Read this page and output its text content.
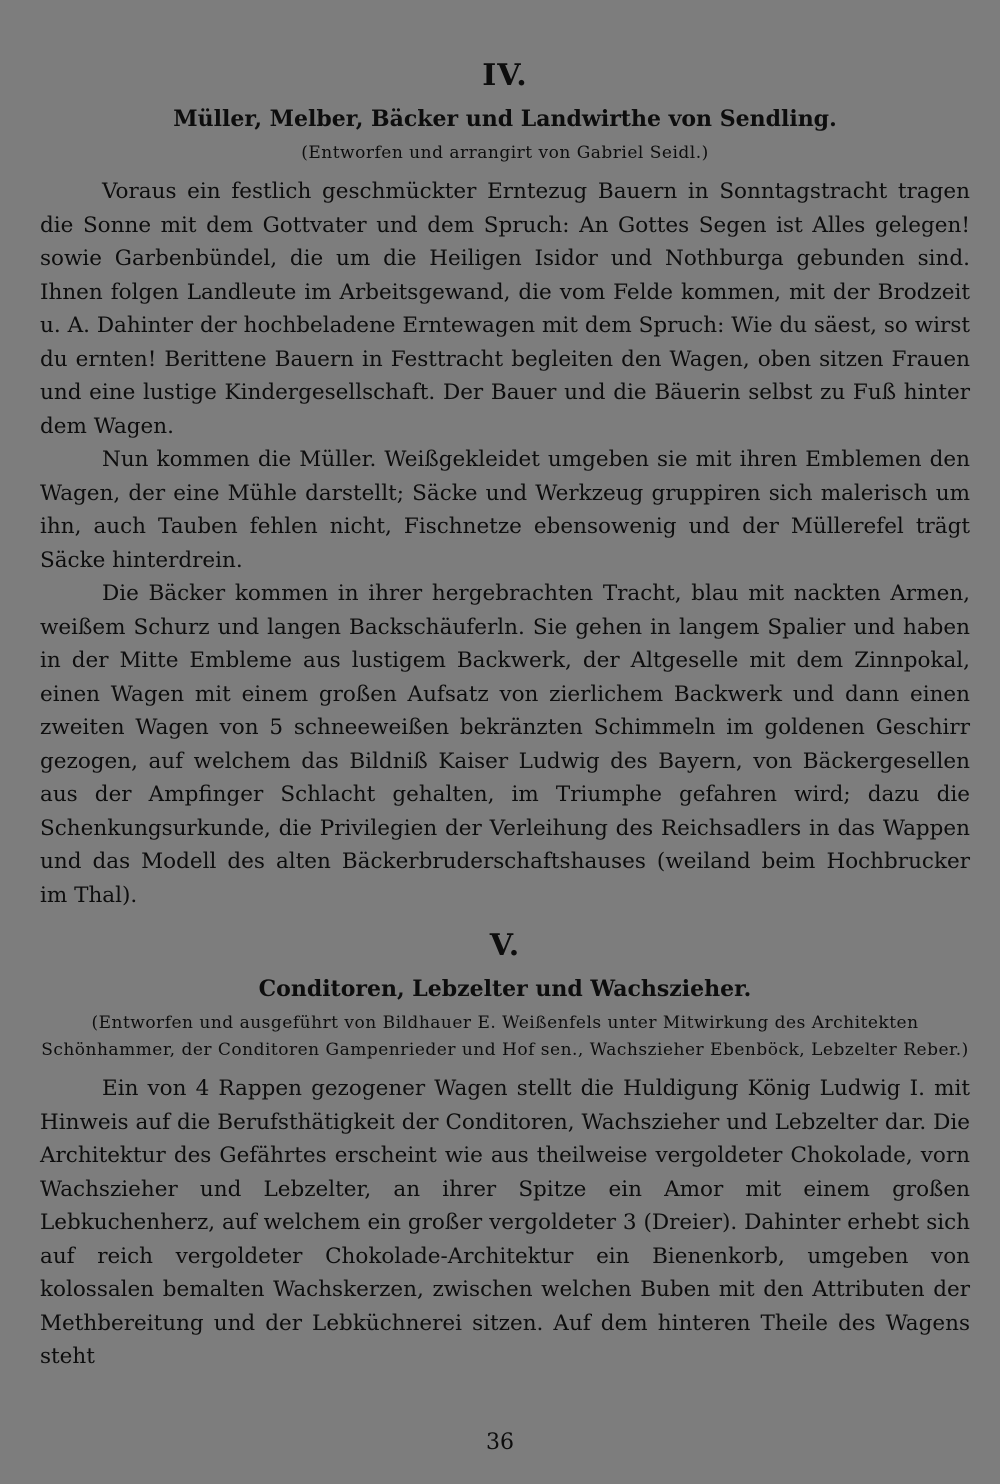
IV.
Müller, Melber, Bäcker und Landwirthe von Sendling.
(Entworfen und arrangirt von Gabriel Seidl.)

Voraus ein festlich geschmückter Erntezug Bauern in Sonntagstracht tragen die Sonne mit dem Gottvater und dem Spruch: An Gottes Segen ist Alles gelegen! sowie Garbenbündel, die um die Heiligen Isidor und Nothburga gebunden sind. Ihnen folgen Landleute im Arbeitsgewand, die vom Felde kommen, mit der Brodzeit u. A. Dahinter der hochbeladene Erntewagen mit dem Spruch: Wie du säest, so wirst du ernten! Berittene Bauern in Festtracht begleiten den Wagen, oben sitzen Frauen und eine lustige Kindergesellschaft. Der Bauer und die Bäuerin selbst zu Fuß hinter dem Wagen.

Nun kommen die Müller. Weißgekleidet umgeben sie mit ihren Emblemen den Wagen, der eine Mühle darstellt; Säcke und Werkzeug gruppiren sich malerisch um ihn, auch Tauben fehlen nicht, Fischnetze ebensowenig und der Müllerefel trägt Säcke hinterdrein.

Die Bäcker kommen in ihrer hergebrachten Tracht, blau mit nackten Armen, weißem Schurz und langen Backschäuferln. Sie gehen in langem Spalier und haben in der Mitte Embleme aus lustigem Backwerk, der Altgeselle mit dem Zinnpokal, einen Wagen mit einem großen Aufsatz von zierlichem Backwerk und dann einen zweiten Wagen von 5 schneeweißen bekränzten Schimmeln im goldenen Geschirr gezogen, auf welchem das Bildniß Kaiser Ludwig des Bayern, von Bäckergesellen aus der Ampfinger Schlacht gehalten, im Triumphe gefahren wird; dazu die Schenkungsurkunde, die Privilegien der Verleihung des Reichsadlers in das Wappen und das Modell des alten Bäckerbruderschaftshauses (weiland beim Hochbrucker im Thal).

V.
Conditoren, Lebzelter und Wachszieher.
(Entworfen und ausgeführt von Bildhauer E. Weißenfels unter Mitwirkung des Architekten Schönhammer, der Conditoren Gampenrieder und Hof sen., Wachszieher Ebenböck, Lebzelter Reber.)

Ein von 4 Rappen gezogener Wagen stellt die Huldigung König Ludwig I. mit Hinweis auf die Berufsthätigkeit der Conditoren, Wachszieher und Lebzelter dar. Die Architektur des Gefährtes erscheint wie aus theilweise vergoldeter Chokolade, vorn Wachszieher und Lebzelter, an ihrer Spitze ein Amor mit einem großen Lebkuchenherz, auf welchem ein großer vergoldeter 3 (Dreier). Dahinter erhebt sich auf reich vergoldeter Chokolade-Architektur ein Bienenkorb, umgeben von kolossalen bemalten Wachskerzen, zwischen welchen Buben mit den Attributen der Methbereitung und der Lebküchnerei sitzen. Auf dem hinteren Theile des Wagens steht

36
